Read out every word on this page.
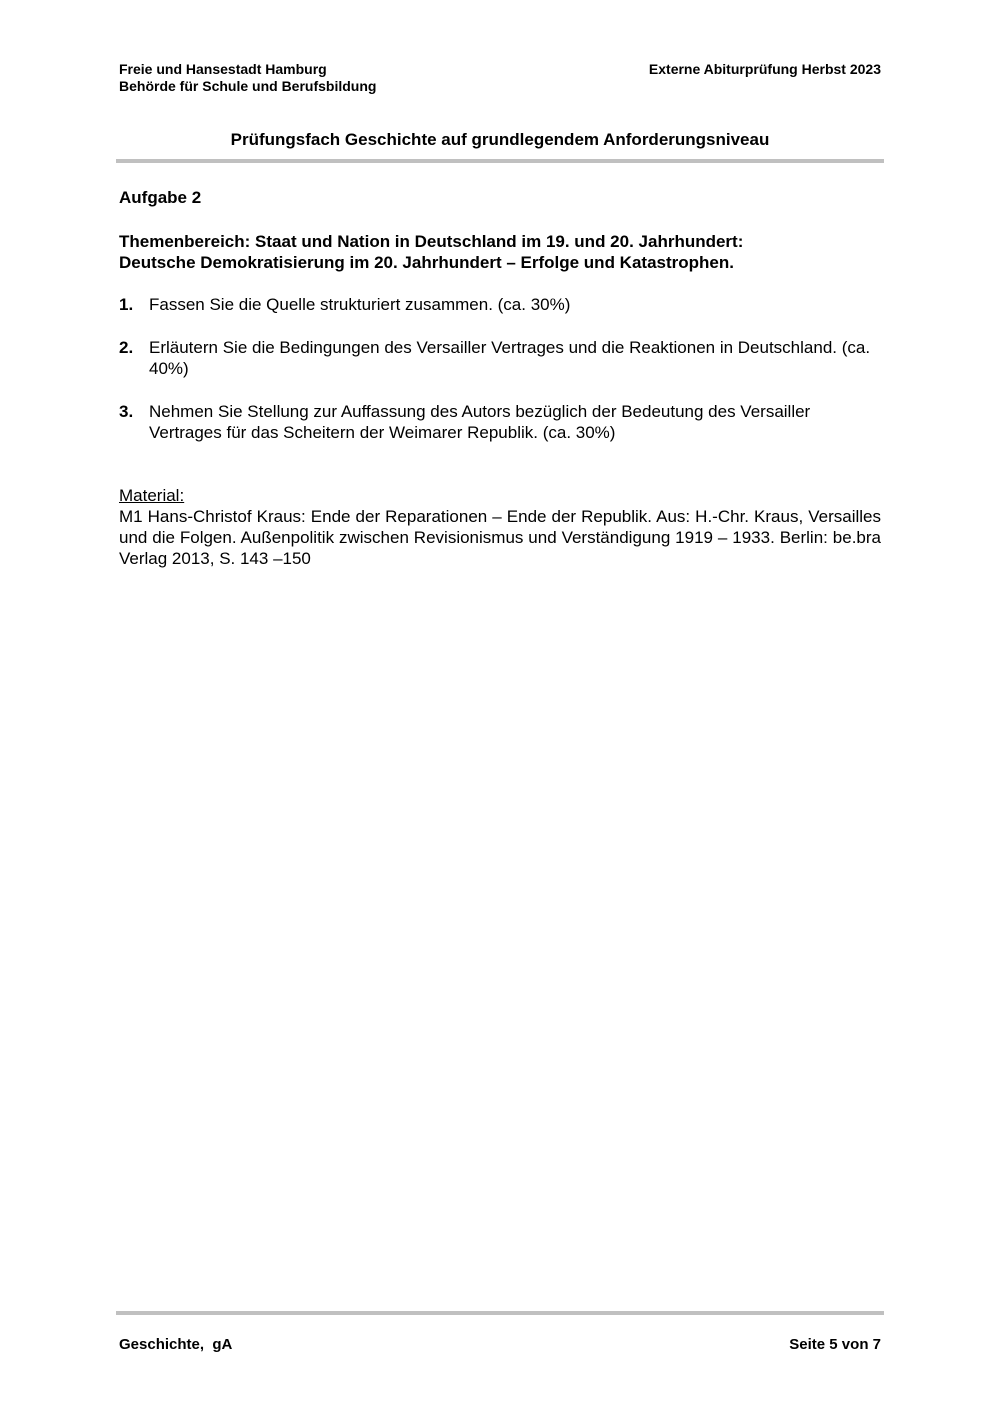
Freie und Hansestadt Hamburg
Behörde für Schule und Berufsbildung
Externe Abiturprüfung Herbst 2023
Prüfungsfach Geschichte auf grundlegendem Anforderungsniveau
Aufgabe 2
Themenbereich: Staat und Nation in Deutschland im 19. und 20. Jahrhundert:
Deutsche Demokratisierung im 20. Jahrhundert – Erfolge und Katastrophen.
1. Fassen Sie die Quelle strukturiert zusammen. (ca. 30%)
2. Erläutern Sie die Bedingungen des Versailler Vertrages und die Reaktionen in Deutschland. (ca. 40%)
3. Nehmen Sie Stellung zur Auffassung des Autors bezüglich der Bedeutung des Versailler Vertrages für das Scheitern der Weimarer Republik. (ca. 30%)
Material:
M1 Hans-Christof Kraus: Ende der Reparationen – Ende der Republik. Aus: H.-Chr. Kraus, Versailles und die Folgen. Außenpolitik zwischen Revisionismus und Verständigung 1919 – 1933. Berlin: be.bra Verlag 2013, S. 143 –150
Geschichte,  gA	Seite 5 von 7
